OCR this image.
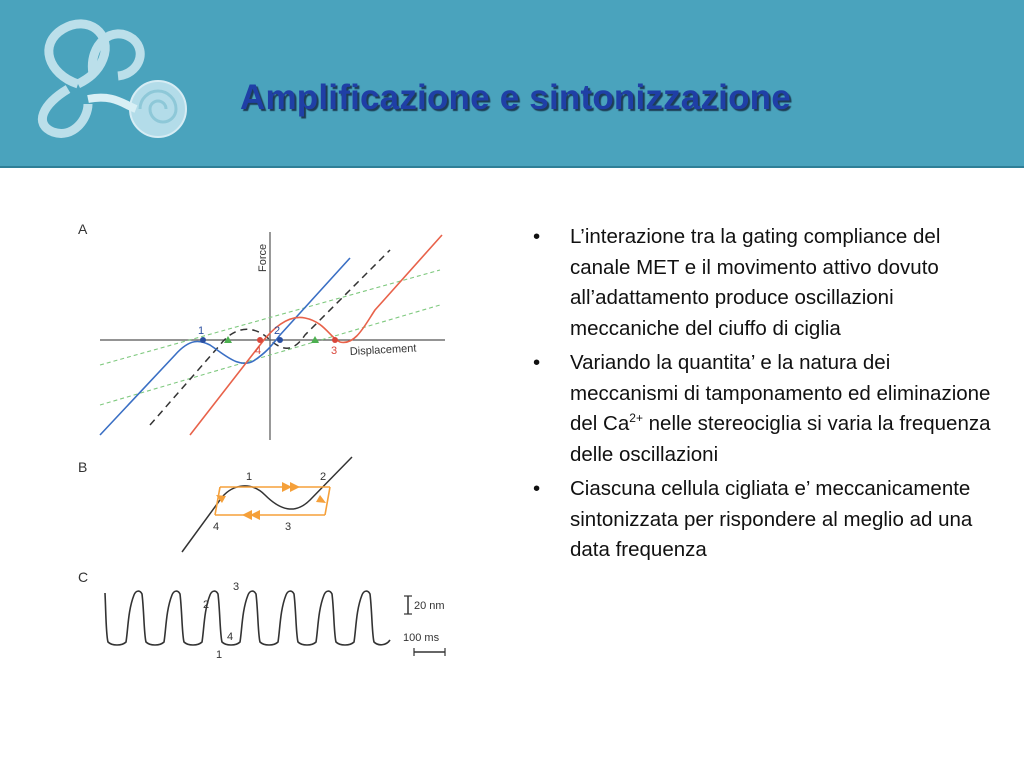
Amplificazione e sintonizzazione
A
Force
Displacement
1	2
3
4
B
1	2
3
4
C
1
2
3
4
20 nm
100 ms
• L’interazione tra la gating compliance del canale MET e il movimento attivo dovuto all’adattamento produce oscillazioni meccaniche del ciuffo di ciglia
• Variando la quantita’ e la natura dei meccanismi di tamponamento ed eliminazione del $Ca^{2+}$ nelle stereociglia si varia la frequenza delle oscillazioni
• Ciascuna cellula cigliata e’ meccanicamente sintonizzata per rispondere al meglio ad una data frequenza
